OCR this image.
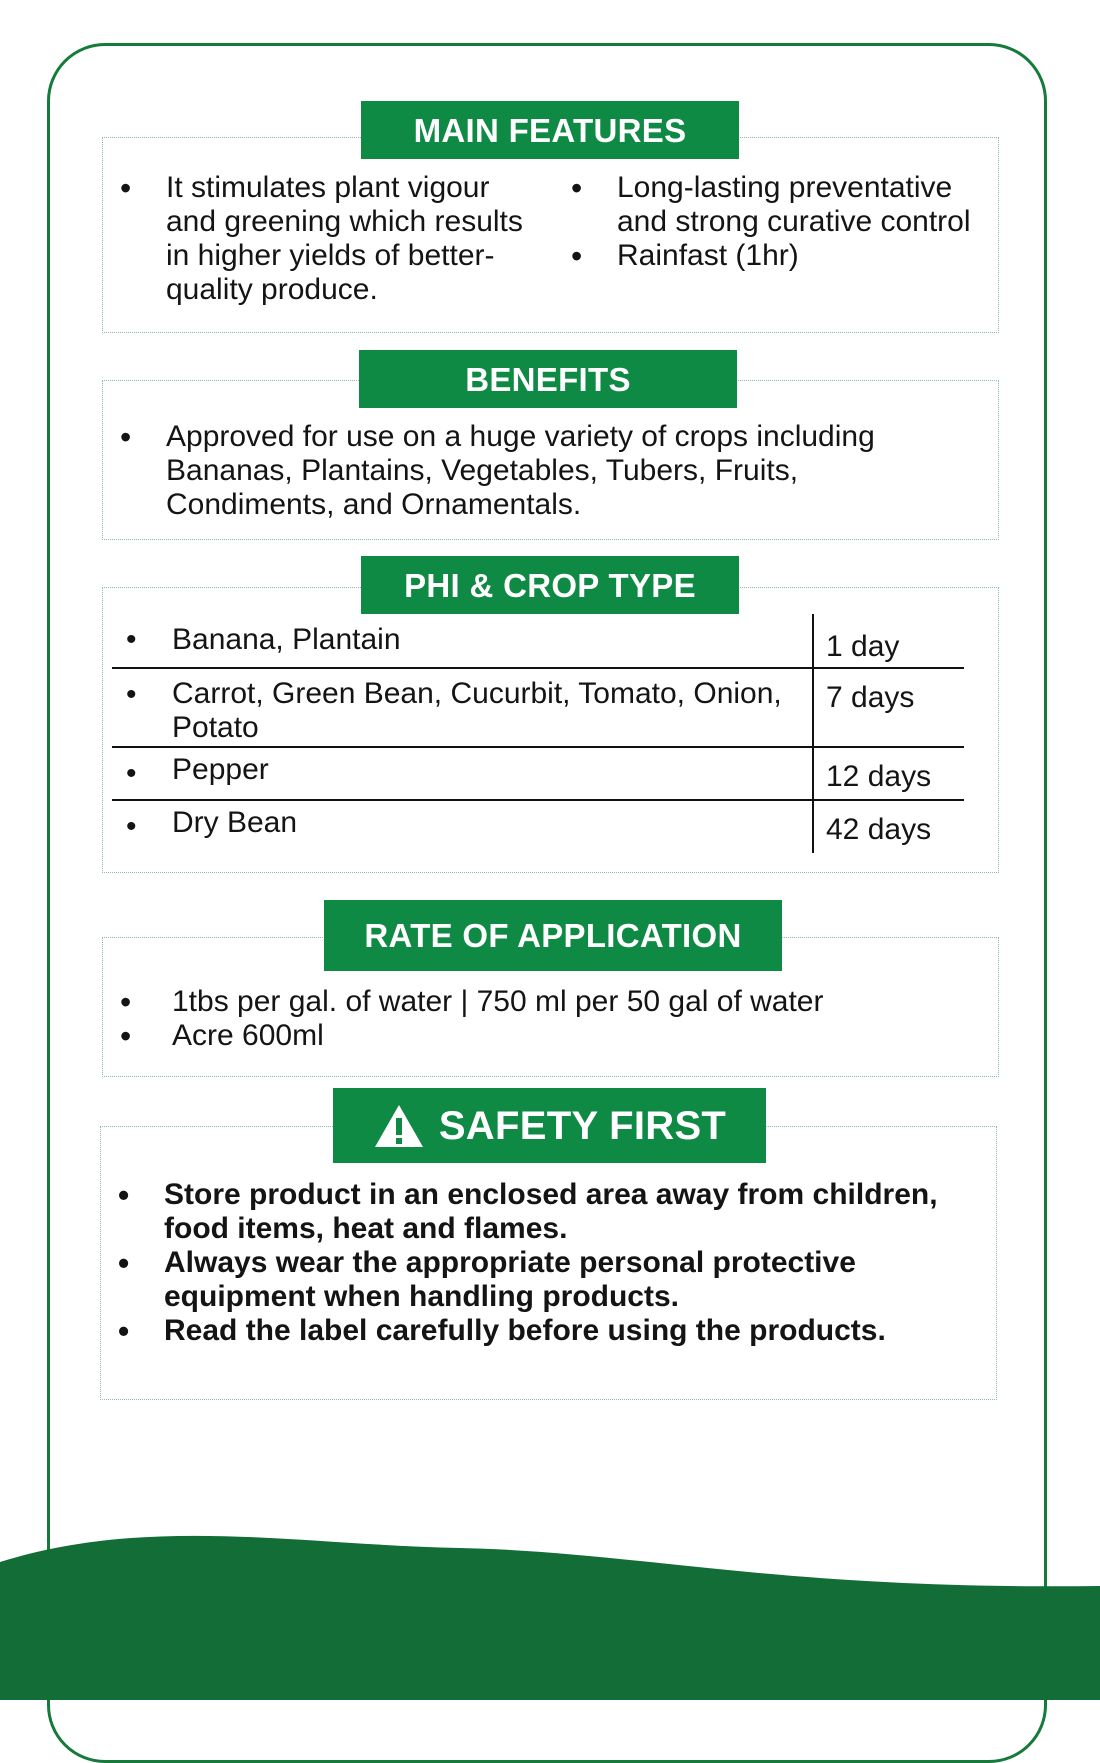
MAIN FEATURES
• It stimulates plant vigour and greening which results in higher yields of better-quality produce.
• Long-lasting preventative and strong curative control
• Rainfast (1hr)
BENEFITS
• Approved for use on a huge variety of crops including Bananas, Plantains, Vegetables, Tubers, Fruits, Condiments, and Ornamentals.
PHI & CROP TYPE
• Banana, Plantain	1 day
• Carrot, Green Bean, Cucurbit, Tomato, Onion, Potato	7 days
• Pepper	12 days
• Dry Bean	42 days
RATE OF APPLICATION
• 1tbs per gal. of water | 750 ml per 50 gal of water
• Acre 600ml
SAFETY FIRST
• Store product in an enclosed area away from children, food items, heat and flames.
• Always wear the appropriate personal protective equipment when handling products.
• Read the label carefully before using the products.
